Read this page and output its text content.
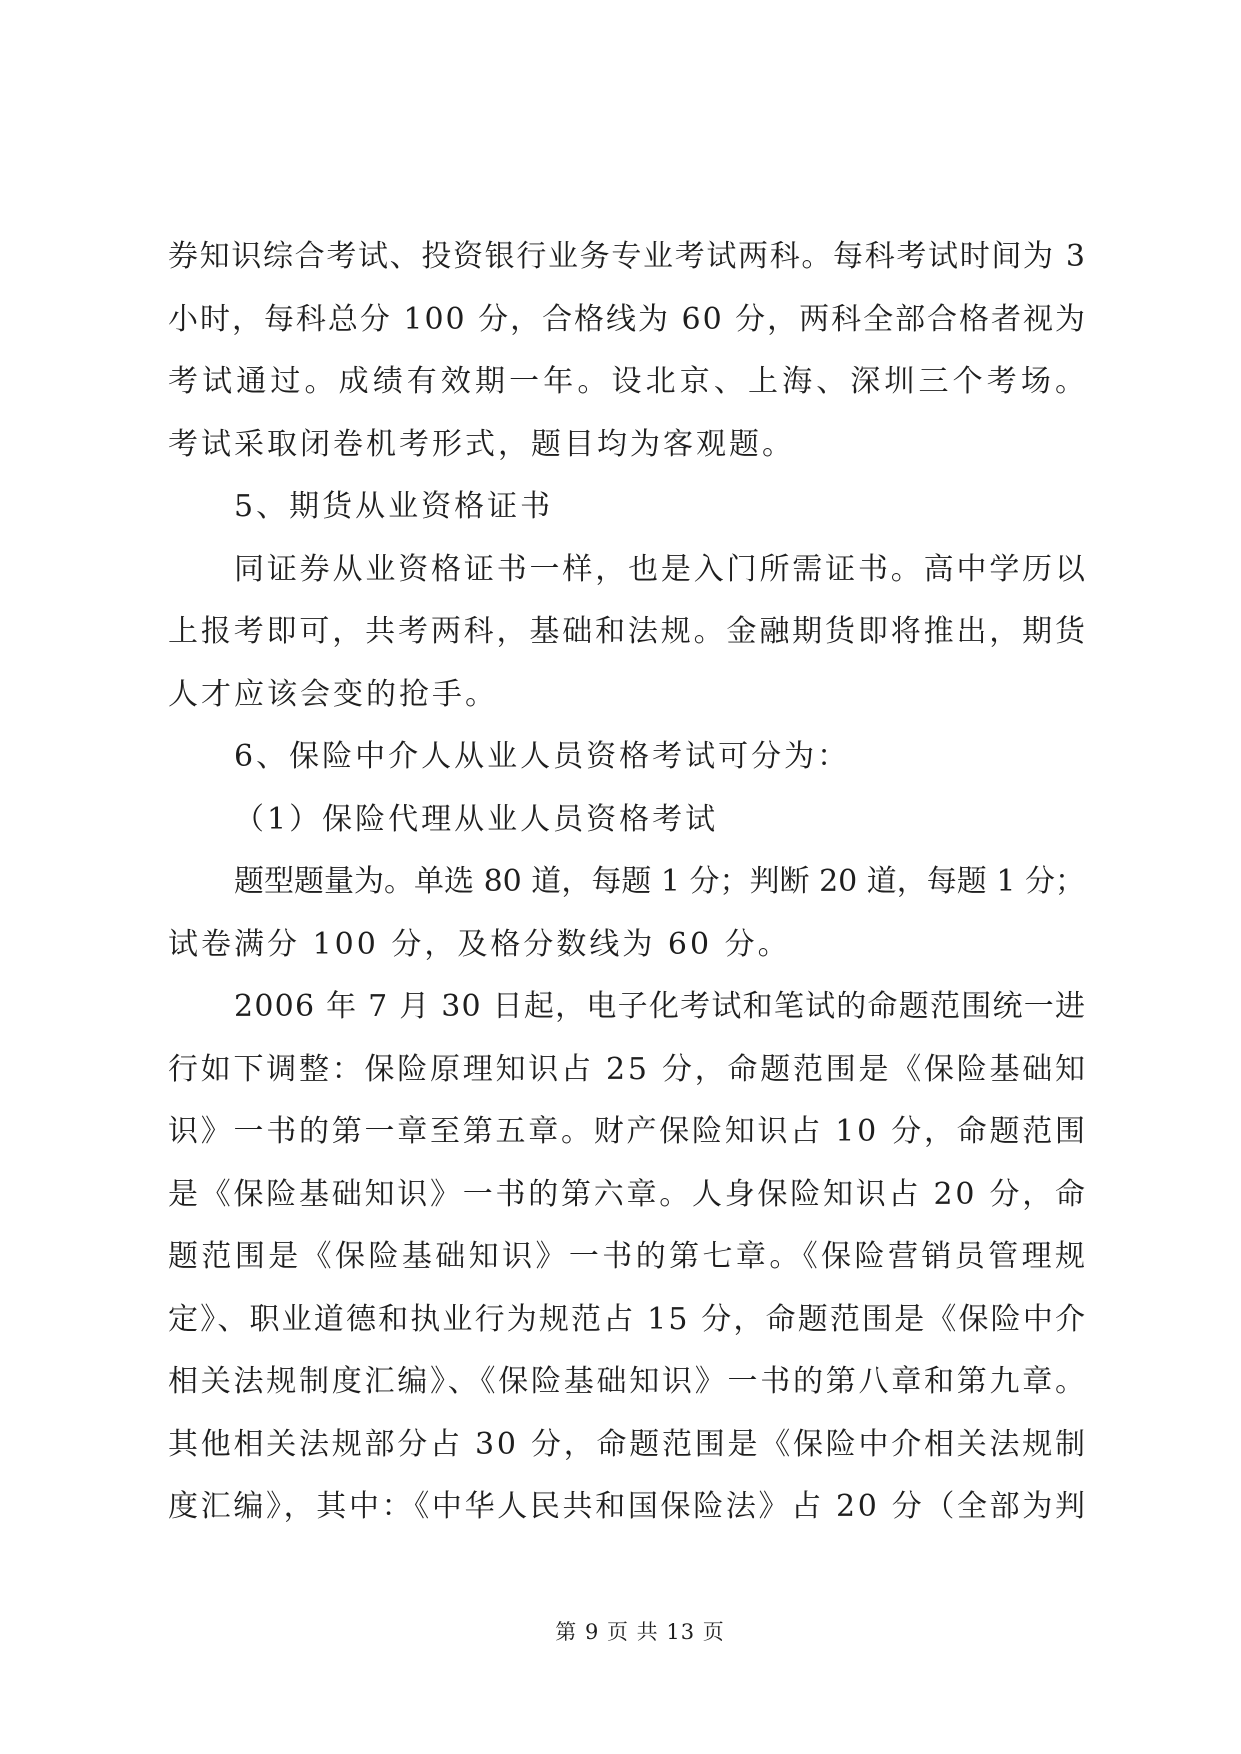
券知识综合考试、投资银行业务专业考试两科。每科考试时间为 3
小时，每科总分 100 分，合格线为 60 分，两科全部合格者视为
考试通过。成绩有效期一年。设北京、上海、深圳三个考场。
考试采取闭卷机考形式，题目均为客观题。
5、期货从业资格证书
同证券从业资格证书一样，也是入门所需证书。高中学历以
上报考即可，共考两科，基础和法规。金融期货即将推出，期货
人才应该会变的抢手。
6、保险中介人从业人员资格考试可分为：
（1）保险代理从业人员资格考试
题型题量为。单选 80 道，每题 1 分；判断 20 道，每题 1 分；
试卷满分 100 分，及格分数线为 60 分。
2006 年 7 月 30 日起，电子化考试和笔试的命题范围统一进
行如下调整：保险原理知识占 25 分，命题范围是《保险基础知
识》一书的第一章至第五章。财产保险知识占 10 分，命题范围
是《保险基础知识》一书的第六章。人身保险知识占 20 分，命
题范围是《保险基础知识》一书的第七章。《保险营销员管理规
定》、职业道德和执业行为规范占 15 分，命题范围是《保险中介
相关法规制度汇编》、《保险基础知识》一书的第八章和第九章。
其他相关法规部分占 30 分，命题范围是《保险中介相关法规制
度汇编》，其中：《中华人民共和国保险法》占 20 分（全部为判
第 9 页 共 13 页
